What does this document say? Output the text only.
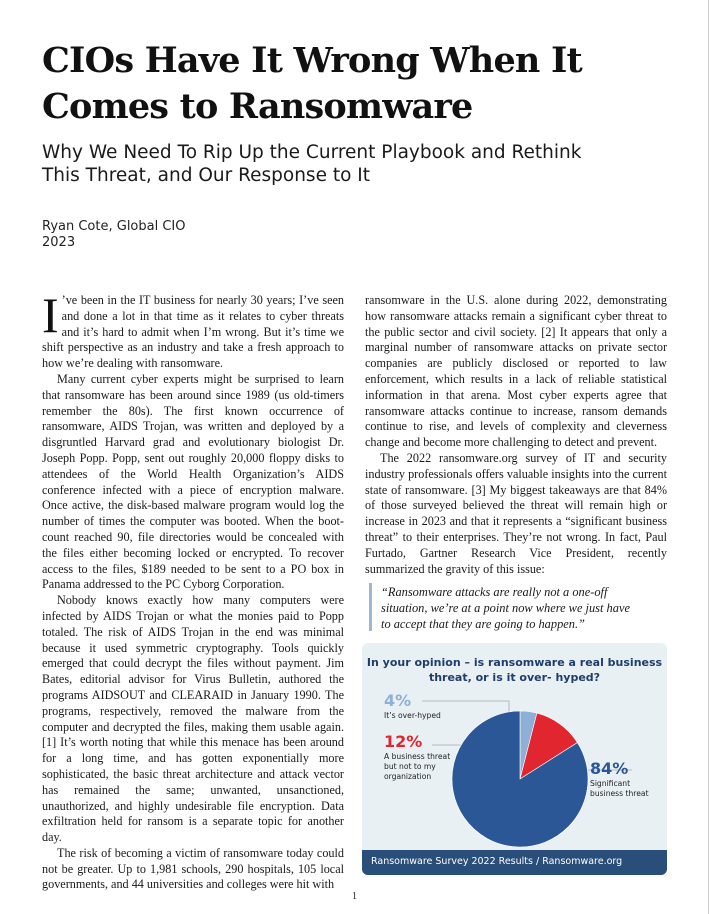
CIOs Have It Wrong When It
Comes to Ransomware
Why We Need To Rip Up the Current Playbook and Rethink
This Threat, and Our Response to It
Ryan Cote, Global CIO
2023

I ’ve been in the IT business for nearly 30 years; I’ve seen and done a lot in that time as it relates to cyber threats and it’s hard to admit when I’m wrong. But it’s time we shift perspective as an industry and take a fresh approach to how we’re dealing with ransomware.

Many current cyber experts might be surprised to learn that ransomware has been around since 1989 (us old-timers remember the 80s). The first known occurrence of ransomware, AIDS Trojan, was written and deployed by a disgruntled Harvard grad and evolutionary biologist Dr. Joseph Popp. Popp, sent out roughly 20,000 floppy disks to attendees of the World Health Organization’s AIDS conference infected with a piece of encryption malware. Once active, the disk-based malware program would log the number of times the computer was booted. When the boot-count reached 90, file directories would be concealed with the files either becoming locked or encrypted. To recover access to the files, $189 needed to be sent to a PO box in Panama addressed to the PC Cyborg Corporation.

Nobody knows exactly how many computers were infected by AIDS Trojan or what the monies paid to Popp totaled. The risk of AIDS Trojan in the end was minimal because it used symmetric cryptography. Tools quickly emerged that could decrypt the files without payment. Jim Bates, editorial advisor for Virus Bulletin, authored the programs AIDSOUT and CLEARAID in January 1990. The programs, respectively, removed the malware from the computer and decrypted the files, making them usable again. [1] It’s worth noting that while this menace has been around for a long time, and has gotten exponentially more sophisticated, the basic threat architecture and attack vector has remained the same; unwanted, unsanctioned, unauthorized, and highly undesirable file encryption. Data exfiltration held for ransom is a separate topic for another day.

The risk of becoming a victim of ransomware today could not be greater. Up to 1,981 schools, 290 hospitals, 105 local governments, and 44 universities and colleges were hit with

ransomware in the U.S. alone during 2022, demonstrating how ransomware attacks remain a significant cyber threat to the public sector and civil society. [2] It appears that only a marginal number of ransomware attacks on private sector companies are publicly disclosed or reported to law enforcement, which results in a lack of reliable statistical information in that arena. Most cyber experts agree that ransomware attacks continue to increase, ransom demands continue to rise, and levels of complexity and cleverness change and become more challenging to detect and prevent.

The 2022 ransomware.org survey of IT and security industry professionals offers valuable insights into the current state of ransomware. [3] My biggest takeaways are that 84% of those surveyed believed the threat will remain high or increase in 2023 and that it represents a “significant business threat” to their enterprises. They’re not wrong. In fact, Paul Furtado, Gartner Research Vice President, recently summarized the gravity of this issue:

“Ransomware attacks are really not a one-off
situation, we’re at a point now where we just have
to accept that they are going to happen.”
In your opinion – is ransomware a real business
threat, or is it over- hyped?
4%
It’s over-hyped
12%
A business threat
but not to my
organization	84%
Significant
business threat
Ransomware Survey 2022 Results / Ransomware.org
1
